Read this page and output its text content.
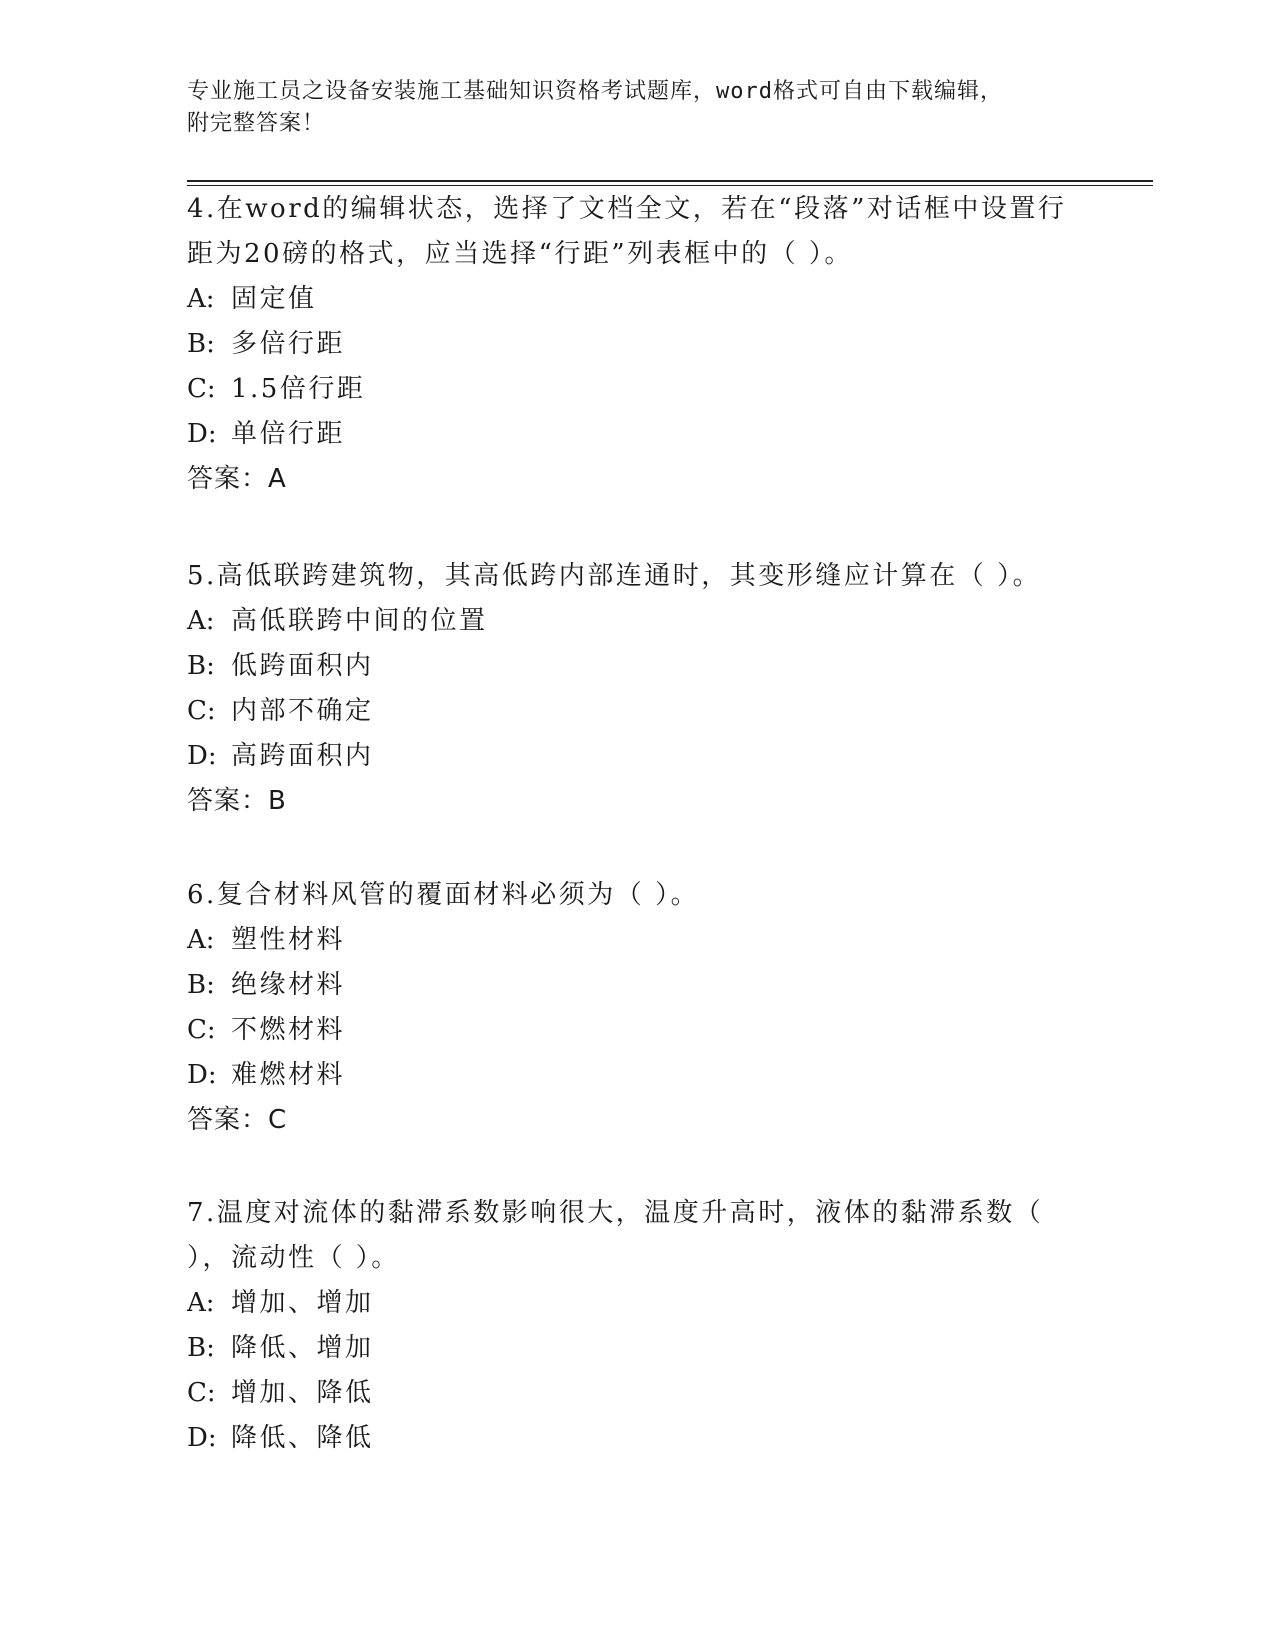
专业施工员之设备安装施工基础知识资格考试题库，word格式可自由下载编辑，
附完整答案！

4.在word的编辑状态，选择了文档全文，若在“段落”对话框中设置行距为20磅的格式，应当选择“行距”列表框中的（ ）。

A: 固定值
B: 多倍行距
C: 1.5倍行距
D: 单倍行距

答案：A

5.高低联跨建筑物，其高低跨内部连通时，其变形缝应计算在（ ）。

A: 高低联跨中间的位置
B: 低跨面积内
C: 内部不确定
D: 高跨面积内

答案：B

6.复合材料风管的覆面材料必须为（ ）。

A: 塑性材料
B: 绝缘材料
C: 不燃材料
D: 难燃材料

答案：C

7.温度对流体的黏滞系数影响很大，温度升高时，液体的黏滞系数（ ），流动性（ ）。

A: 增加、增加
B: 降低、增加
C: 增加、降低
D: 降低、降低
